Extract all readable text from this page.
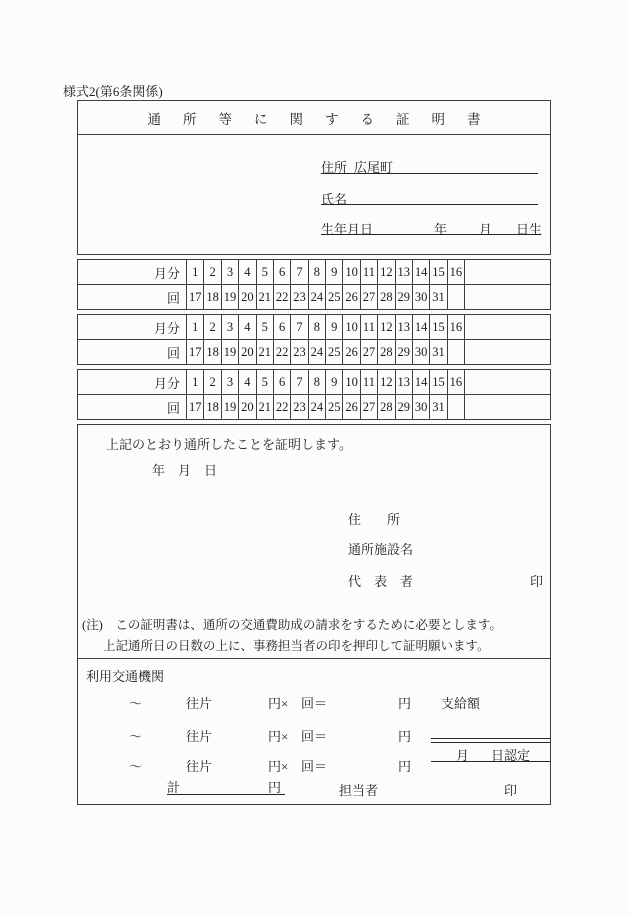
様式2(第6条関係)
通所等に関する証明書
住所 広尾町
氏名
生年月日	年 月 日生
月分	1	2	3	4	5	6	7	8	9	10	11	12	13	14	15	16	
回	17	18	19	20	21	22	23	24	25	26	27	28	29	30	31		
月分	1	2	3	4	5	6	7	8	9	10	11	12	13	14	15	16	
回	17	18	19	20	21	22	23	24	25	26	27	28	29	30	31		
月分	1	2	3	4	5	6	7	8	9	10	11	12	13	14	15	16	
回	17	18	19	20	21	22	23	24	25	26	27	28	29	30	31		
上記のとおり通所したことを証明します。
年　月　日
住　　所
通所施設名
代　表　者	印
(注)　この証明書は、通所の交通費助成の請求をするために必要とします。
上記通所日の日数の上に、事務担当者の印を押印して証明願います。
利用交通機関
～	往片	円× 回＝	円
～	往片	円× 回＝	円
～	往片	円× 回＝	円
支給額
月 日認定
計	円	担当者	印
